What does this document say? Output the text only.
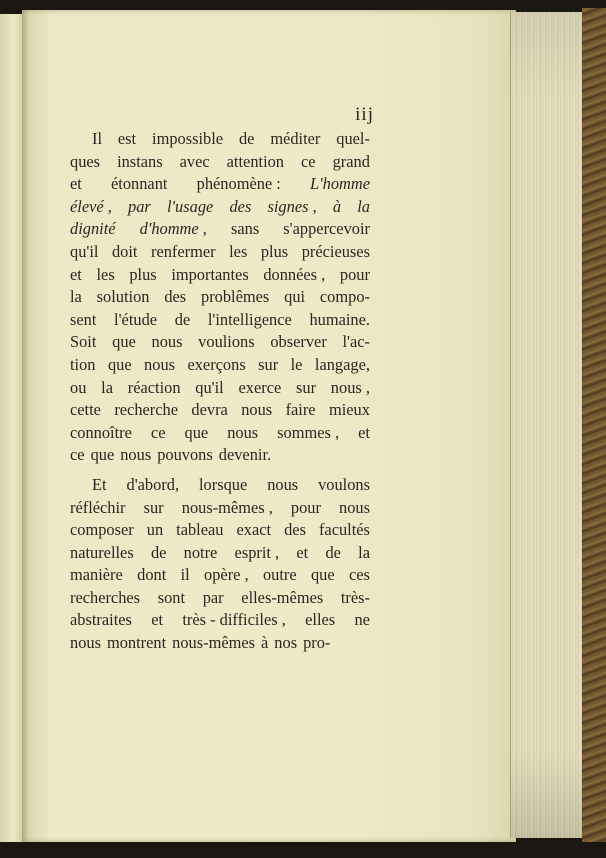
iij
Il est impossible de méditer quel-
ques instans avec attention ce grand
et étonnant phénomène : L'homme
élevé , par l'usage des signes , à la
dignité d'homme , sans s'appercevoir
qu'il doit renfermer les plus précieuses
et les plus importantes données , pour
la solution des problêmes qui compo-
sent l'étude de l'intelligence humaine.
Soit que nous voulions observer l'ac-
tion que nous exerçons sur le langage,
ou la réaction qu'il exerce sur nous ,
cette recherche devra nous faire mieux
connoître ce que nous sommes , et
ce que nous pouvons devenir.
Et d'abord, lorsque nous voulons
réfléchir sur nous-mêmes , pour nous
composer un tableau exact des facultés
naturelles de notre esprit , et de la
manière dont il opère , outre que ces
recherches sont par elles-mêmes très-
abstraites et très - difficiles , elles ne
nous montrent nous-mêmes à nos pro-
